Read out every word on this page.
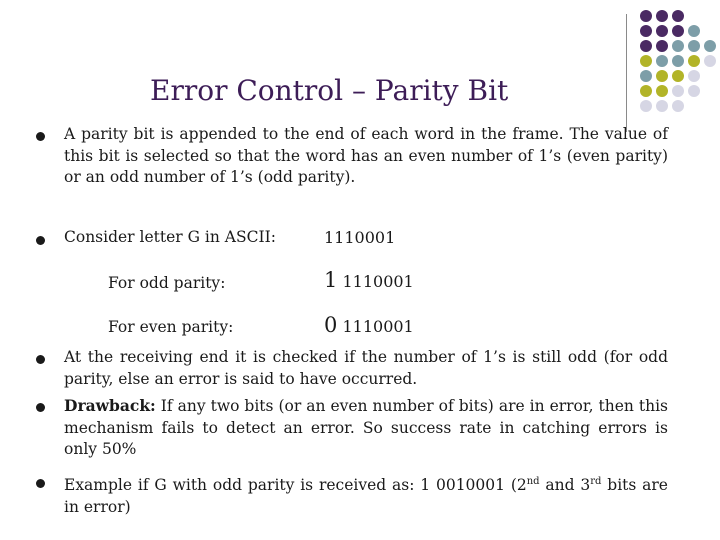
Error Control – Parity Bit
A parity bit is appended to the end of each word in the frame. The value of this bit is selected so that the word has an even number of 1’s (even parity) or an odd number of 1’s (odd parity).
Consider letter G in ASCII:	1110001
For odd parity:	1 1110001
For even parity:	0 1110001
At the receiving end it is checked if the number of 1’s is still odd (for odd parity, else an error is said to have occurred.
Drawback: If any two bits (or an even number of bits) are in error, then this mechanism fails to detect an error. So success rate in catching errors is only 50%
Example if G with odd parity is received as: 1 0010001 (2nd and 3rd bits are in error)
